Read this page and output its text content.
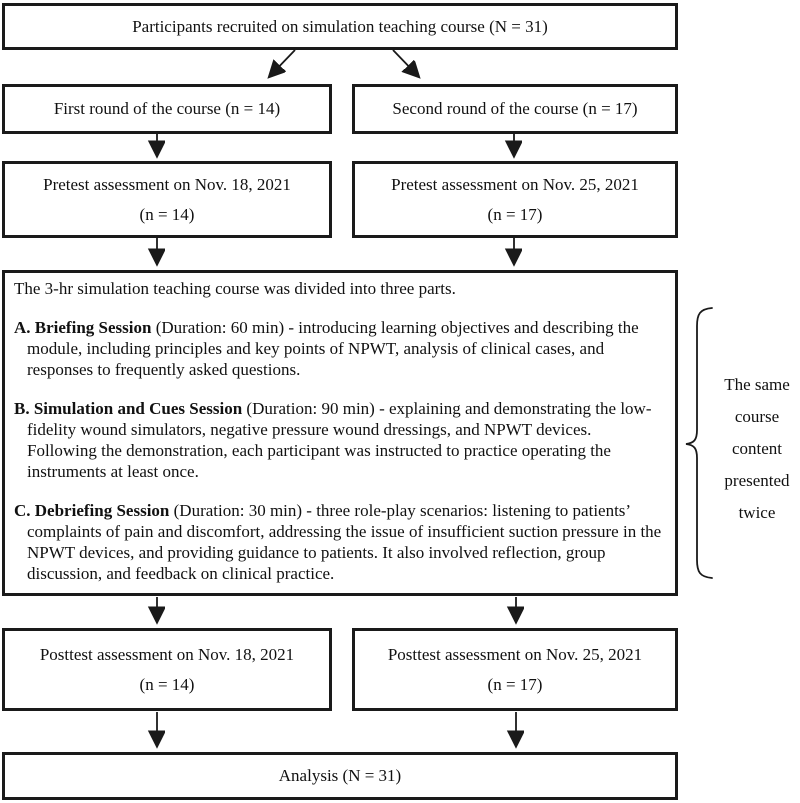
Participants recruited on simulation teaching course (N = 31)
First round of the course (n = 14)	Second round of the course (n = 17)
Pretest assessment on Nov. 18, 2021
(n = 14)
Pretest assessment on Nov. 25, 2021
(n = 17)

The 3-hr simulation teaching course was divided into three parts.

A. Briefing Session (Duration: 60 min) - introducing learning objectives and describing the module, including principles and key points of NPWT, analysis of clinical cases, and responses to frequently asked questions.

B. Simulation and Cues Session (Duration: 90 min) - explaining and demonstrating the low-fidelity wound simulators, negative pressure wound dressings, and NPWT devices. Following the demonstration, each participant was instructed to practice operating the instruments at least once.

C. Debriefing Session (Duration: 30 min) - three role-play scenarios: listening to patients’ complaints of pain and discomfort, addressing the issue of insufficient suction pressure in the NPWT devices, and providing guidance to patients. It also involved reflection, group discussion, and feedback on clinical practice.

The same
course
content
presented
twice
Posttest assessment on Nov. 18, 2021
(n = 14)
Posttest assessment on Nov. 25, 2021
(n = 17)
Analysis (N = 31)
